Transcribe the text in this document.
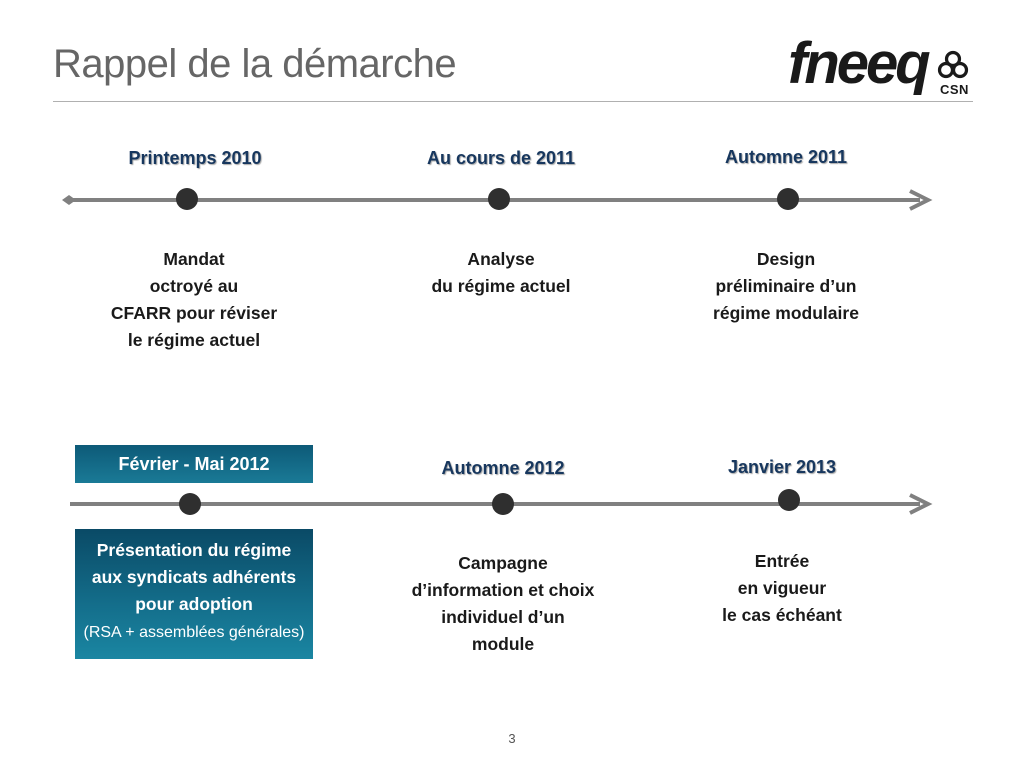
Rappel de la démarche	fneeq CSN
Printemps 2010	Au cours de 2011	Automne 2011
Mandat
octroyé au
CFARR pour réviser
le régime actuel
Analyse
du régime actuel
Design
préliminaire d’un
régime modulaire
Février - Mai 2012	Automne 2012	Janvier 2013
Présentation du régime
aux syndicats adhérents
pour adoption
(RSA + assemblées générales)
Campagne
d’information et choix
individuel d’un
module
Entrée
en vigueur
le cas échéant
3
